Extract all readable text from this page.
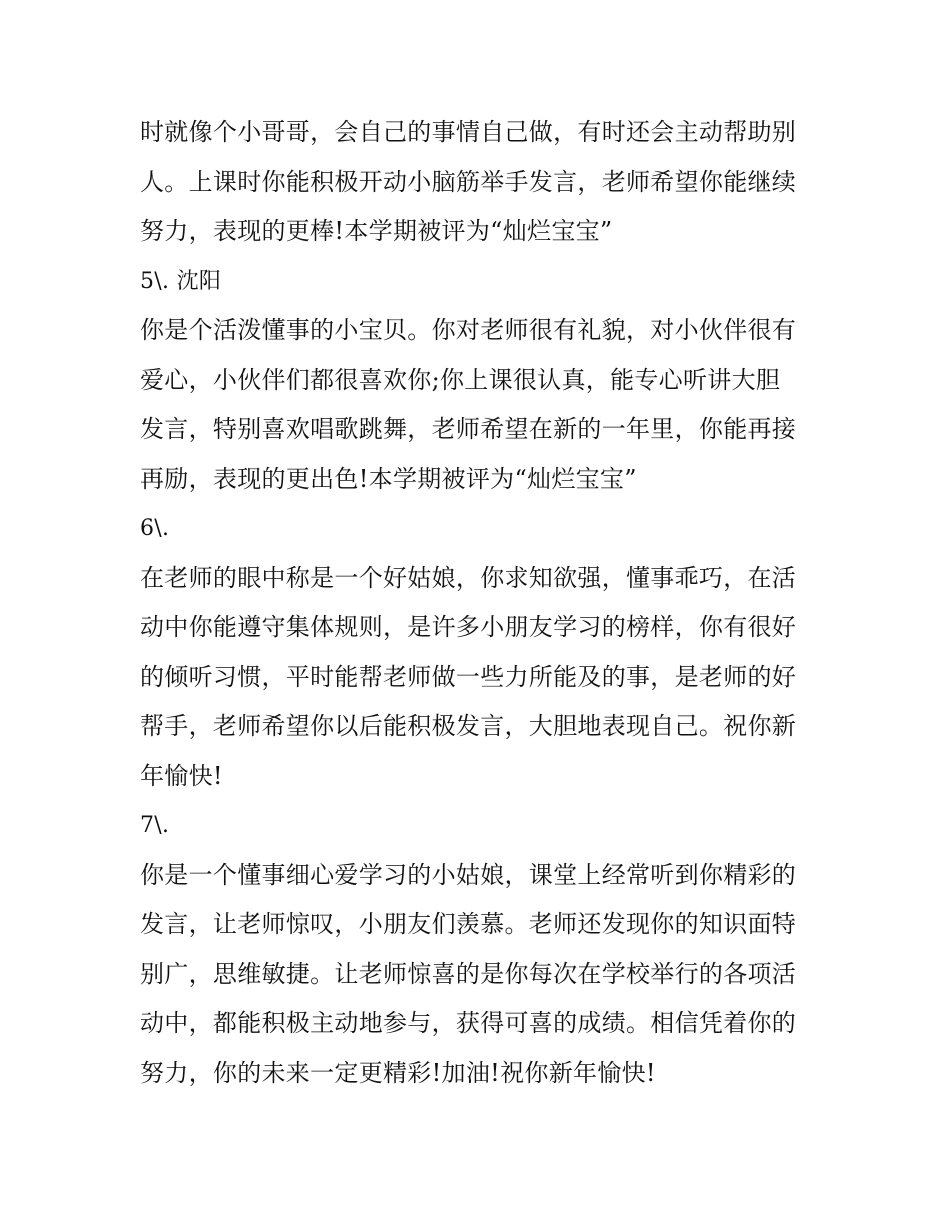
时就像个小哥哥，会自己的事情自己做，有时还会主动帮助别
人。上课时你能积极开动小脑筋举手发言，老师希望你能继续
努力，表现的更棒!本学期被评为“灿烂宝宝”
5\. 沈阳
你是个活泼懂事的小宝贝。你对老师很有礼貌，对小伙伴很有
爱心，小伙伴们都很喜欢你;你上课很认真，能专心听讲大胆
发言，特别喜欢唱歌跳舞，老师希望在新的一年里，你能再接
再励，表现的更出色!本学期被评为“灿烂宝宝”
6\.
在老师的眼中称是一个好姑娘，你求知欲强，懂事乖巧，在活
动中你能遵守集体规则，是许多小朋友学习的榜样，你有很好
的倾听习惯，平时能帮老师做一些力所能及的事，是老师的好
帮手，老师希望你以后能积极发言，大胆地表现自己。祝你新
年愉快!
7\.
你是一个懂事细心爱学习的小姑娘，课堂上经常听到你精彩的
发言，让老师惊叹，小朋友们羡慕。老师还发现你的知识面特
别广，思维敏捷。让老师惊喜的是你每次在学校举行的各项活
动中，都能积极主动地参与，获得可喜的成绩。相信凭着你的
努力，你的未来一定更精彩!加油!祝你新年愉快!
